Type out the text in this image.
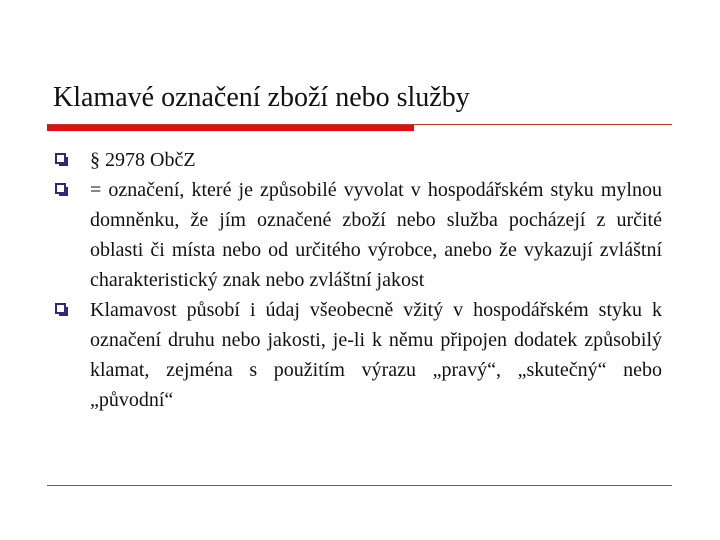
Klamavé označení zboží nebo služby
§ 2978 ObčZ
= označení, které je způsobilé vyvolat v hospodářském styku mylnou domněnku, že jím označené zboží nebo služba pocházejí z určité oblasti či místa nebo od určitého výrobce, anebo že vykazují zvláštní charakteristický znak nebo zvláštní jakost
Klamavost působí i údaj všeobecně vžitý v hospodářském styku k označení druhu nebo jakosti, je-li k němu připojen dodatek způsobilý klamat, zejména s použitím výrazu „pravý“, „skutečný“ nebo „původní“
